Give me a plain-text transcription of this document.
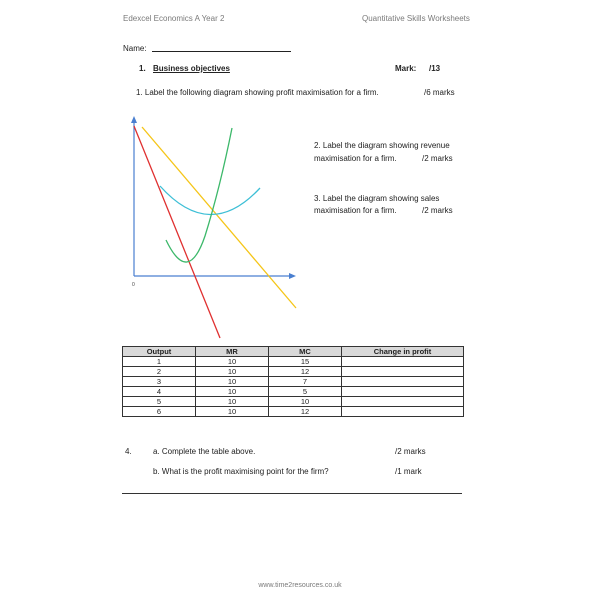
Edexcel Economics A Year 2	Quantitative Skills Worksheets
Name:
1. Business objectives	Mark: /13
1. Label the following diagram showing profit maximisation for a firm.	/6 marks
0
2. Label the diagram showing revenue
maximisation for a firm.	/2 marks
3. Label the diagram showing sales
maximisation for a firm.	/2 marks
Output	MR	MC	Change in profit
1	10	15	
2	10	12	
3	10	7	
4	10	5	
5	10	10	
6	10	12	
4.	a. Complete the table above.	/2 marks
b. What is the profit maximising point for the firm?	/1 mark
www.time2resources.co.uk
